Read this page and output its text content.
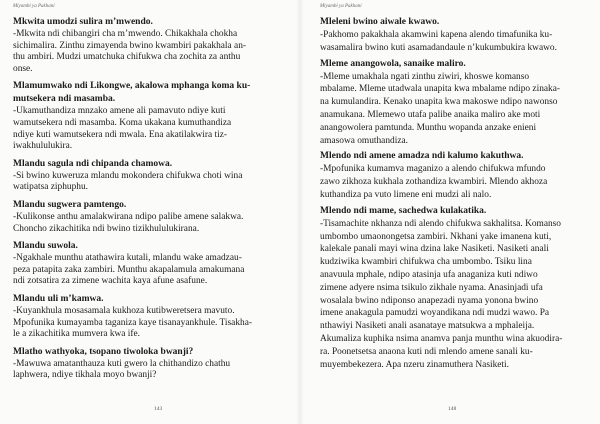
Miyambi ya Pakhani
Mkwita umodzi sulira m’mwendo.
-Mkwita ndi chibangiri cha m’mwendo. Chikakhala chokha
sichimalira. Zinthu zimayenda bwino kwambiri pakakhala an-
thu ambiri. Mudzi umatchuka chifukwa cha zochita za anthu
onse.
Mlamumwako ndi Likongwe, akalowa mphanga koma ku-
mutsekera ndi masamba.
-Ukamuthandiza mnzako amene ali pamavuto ndiye kuti
wamutsekera ndi masamba. Koma ukakana kumuthandiza
ndiye kuti wamutsekera ndi mwala. Ena akatilakwira tiz-
iwakhululukira.
Mlandu sagula ndi chipanda chamowa.
-Si bwino kuweruza mlandu mokondera chifukwa choti wina
watipatsa ziphuphu.
Mlandu sugwera pamtengo.
-Kulikonse anthu amalakwirana ndipo palibe amene salakwa.
Choncho zikachitika ndi bwino tizikhululukirana.
Mlandu suwola.
-Ngakhale munthu atathawira kutali, mlandu wake amadzau-
peza patapita zaka zambiri. Munthu akapalamula amakumana
ndi zotsatira za zimene wachita kaya afune asafune.
Mlandu uli m’kamwa.
-Kuyankhula mosasamala kukhoza kutibweretsera mavuto.
Mpofunika kumayamba taganiza kaye tisanayankhule. Tisakha-
le a zikachitika mumvera kwa ife.
Mlatho wathyoka, tsopano tiwoloka bwanji?
-Mawuwa amatanthauza kuti gwero la chithandizo chathu
laphwera, ndiye tikhala moyo bwanji?
143
Miyambi ya Pakhani
Mleleni bwino aiwale kwawo.
-Pakhomo pakakhala akamwini kapena alendo timafunika ku-
wasamalira bwino kuti asamadandaule n’kukumbukira kwawo.
Mleme anangowola, sanaike maliro.
-Mleme umakhala ngati zinthu ziwiri, khoswe komanso
mbalame. Mleme utadwala unapita kwa mbalame ndipo zinaka-
na kumulandira. Kenako unapita kwa makoswe ndipo nawonso
anamukana. Mlemewo utafa palibe anaika maliro ake moti
anangowolera pamtunda. Munthu wopanda anzake enieni
amasowa omuthandiza.
Mlendo ndi amene amadza ndi kalumo kakuthwa.
-Mpofunika kumamva maganizo a alendo chifukwa mfundo
zawo zikhoza kukhala zothandiza kwambiri. Mlendo akhoza
kuthandiza pa vuto limene eni mudzi ali nalo.
Mlendo ndi mame, sachedwa kulakatika.
-Tisamachite nkhanza ndi alendo chifukwa sakhalitsa. Komanso
umbombo umaonongetsa zambiri. Nkhani yake imanena kuti,
kalekale panali mayi wina dzina lake Nasiketi. Nasiketi anali
kudziwika kwambiri chifukwa cha umbombo. Tsiku lina
anavuula mphale, ndipo atasinja ufa anaganiza kuti ndiwo
zimene adyere nsima tsikulo zikhale nyama. Anasinjadi ufa
wosalala bwino ndiponso anapezadi nyama yonona bwino
imene anakagula pamudzi woyandikana ndi mudzi wawo. Pa
nthawiyi Nasiketi anali asanataye matsukwa a mphaleija.
Akumaliza kuphika nsima anamva panja munthu wina akuodira-
ra. Poonetsetsa anaona kuti ndi mlendo amene sanali ku-
muyembekezera. Apa nzeru zinamuthera Nasiketi.
148
